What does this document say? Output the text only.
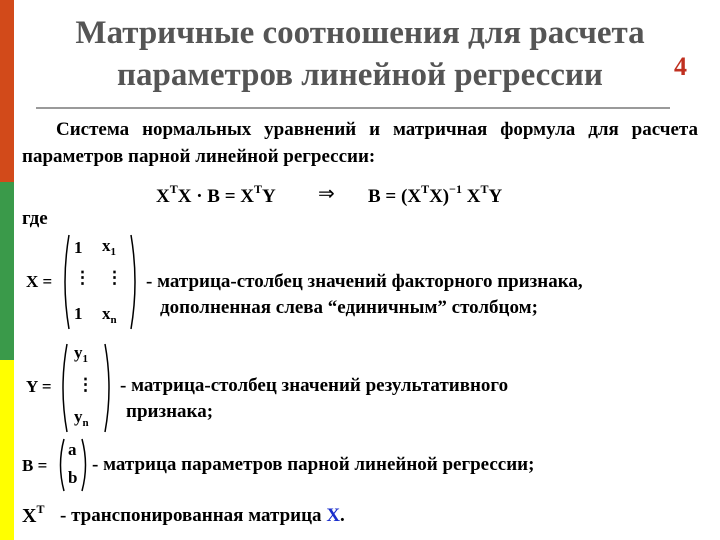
Матричные соотношения для расчета параметров линейной регрессии	4
Система нормальных уравнений и матричная формула для расчета параметров парной линейной регрессии:
$X^TX \cdot B = X^TY$ ⇒ $B = (X^TX)^{-1}$ $X^TY$
где
X =
1
⋮
1
$x_1$
⋮
$x_n$
- матрица-столбец значений факторного признака,
дополненная слева “единичным” столбцом;
Y =
$y_1$
⋮
$y_n$
- матрица-столбец значений результативного
признака;
B =
a
b
- матрица параметров парной линейной регрессии;
$X^T$ - транспонированная матрица X.
